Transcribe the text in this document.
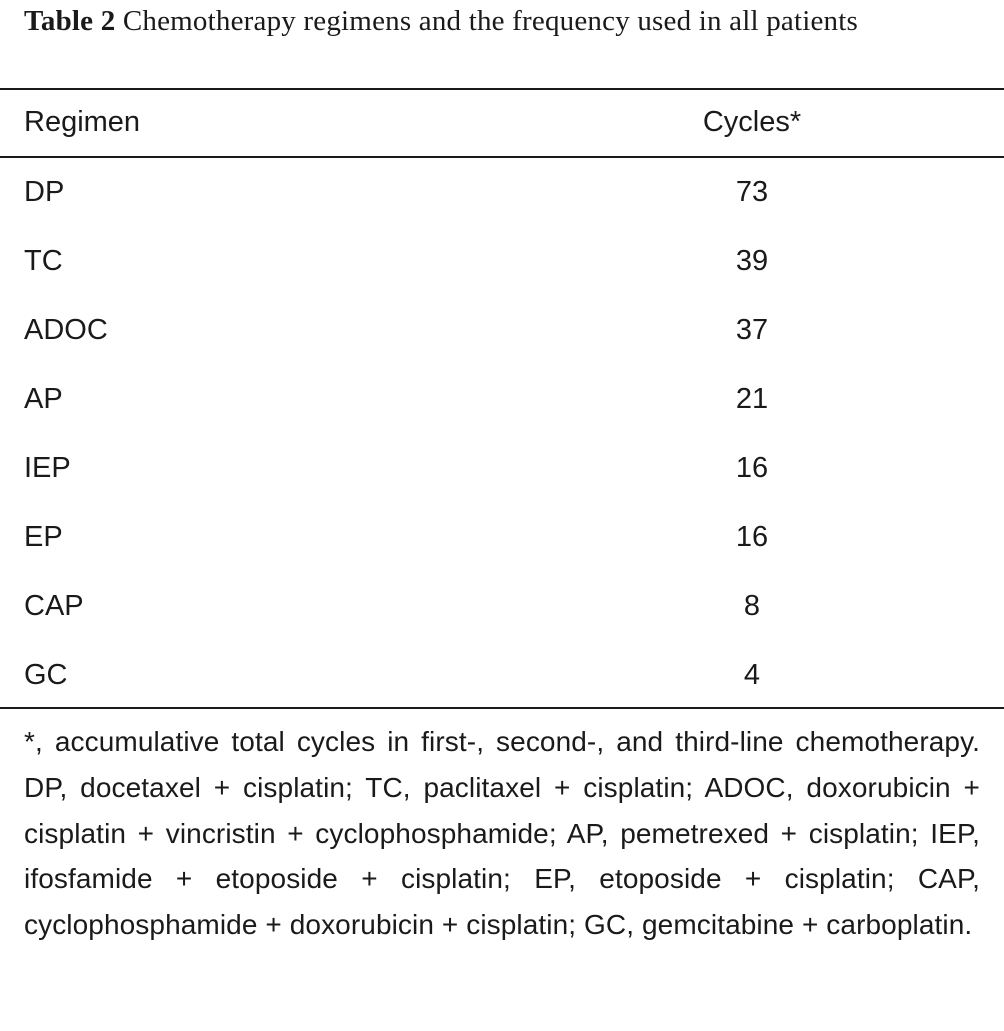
Table 2 Chemotherapy regimens and the frequency used in all patients
Regimen	Cycles*
DP	73
TC	39
ADOC	37
AP	21
IEP	16
EP	16
CAP	8
GC	4
*, accumulative total cycles in first-, second-, and third-line chemotherapy. DP, docetaxel + cisplatin; TC, paclitaxel + cisplatin; ADOC, doxorubicin + cisplatin + vincristin + cyclophosphamide; AP, pemetrexed + cisplatin; IEP, ifosfamide + etoposide + cisplatin; EP, etoposide + cisplatin; CAP, cyclophosphamide + doxorubicin + cisplatin; GC, gemcitabine + carboplatin.
